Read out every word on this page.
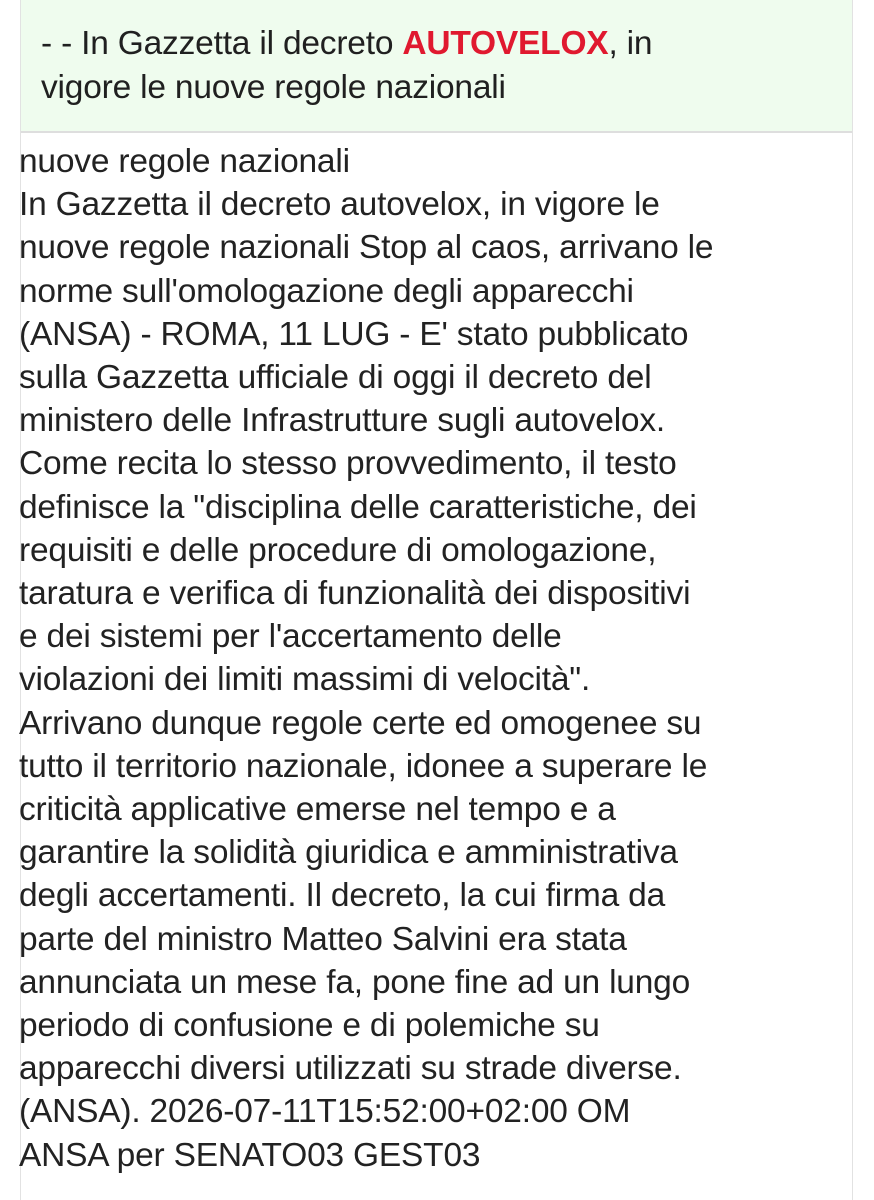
- - In Gazzetta il decreto AUTOVELOX, in
vigore le nuove regole nazionali
nuove regole nazionali
In Gazzetta il decreto autovelox, in vigore le
nuove regole nazionali Stop al caos, arrivano le
norme sull'omologazione degli apparecchi
(ANSA) - ROMA, 11 LUG - E' stato pubblicato
sulla Gazzetta ufficiale di oggi il decreto del
ministero delle Infrastrutture sugli autovelox.
Come recita lo stesso provvedimento, il testo
definisce la "disciplina delle caratteristiche, dei
requisiti e delle procedure di omologazione,
taratura e verifica di funzionalità dei dispositivi
e dei sistemi per l'accertamento delle
violazioni dei limiti massimi di velocità".
Arrivano dunque regole certe ed omogenee su
tutto il territorio nazionale, idonee a superare le
criticità applicative emerse nel tempo e a
garantire la solidità giuridica e amministrativa
degli accertamenti. Il decreto, la cui firma da
parte del ministro Matteo Salvini era stata
annunciata un mese fa, pone fine ad un lungo
periodo di confusione e di polemiche su
apparecchi diversi utilizzati su strade diverse.
(ANSA). 2026-07-11T15:52:00+02:00 OM
ANSA per SENATO03 GEST03
